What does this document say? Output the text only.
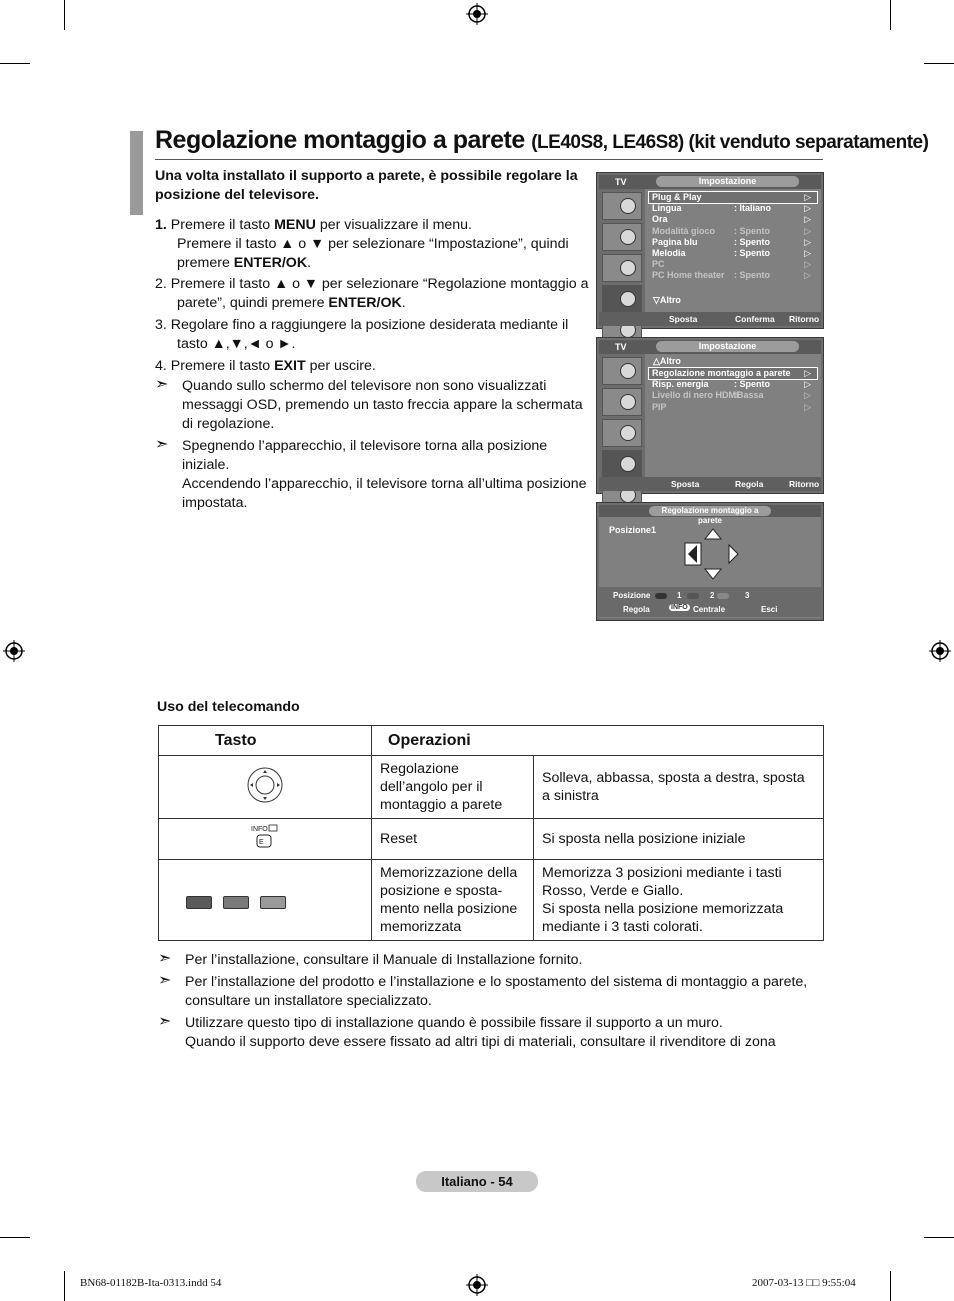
Regolazione montaggio a parete (LE40S8, LE46S8) (kit venduto separatamente)
Una volta installato il supporto a parete, è possibile regolare la posizione del televisore.
1. Premere il tasto MENU per visualizzare il menu.
Premere il tasto ▲ o ▼ per selezionare “Impostazione”, quindi premere ENTER/OK.
2. Premere il tasto ▲ o ▼ per selezionare “Regolazione montaggio a parete”, quindi premere ENTER/OK.
3. Regolare fino a raggiungere la posizione desiderata mediante il tasto ▲,▼,◄ o ►.
4. Premere il tasto EXIT per uscire.
➣ Quando sullo schermo del televisore non sono visualizzati messaggi OSD, premendo un tasto freccia appare la schermata di regolazione.
➣ Spegnendo l’apparecchio, il televisore torna alla posizione iniziale.
Accendendo l’apparecchio, il televisore torna all’ultima posizione impostata.
TV	Impostazione
Plug & Play	▷
Lingua	: Italiano	▷
Ora	▷
Modalità gioco : Spento	▷
Pagina blu	: Spento	▷
Melodia	: Spento	▷
PC	▷
PC Home theater : Spento	▷
▽Altro
Sposta	Conferma Ritorno
TV	Impostazione
△Altro
Regolazione montaggio a parete ▷
Risp. energia	: Spento	▷
Livello di nero HDMI
:Bassa	▷
PIP	▷
Sposta	Regola	Ritorno
Regolazione montaggio a parete
Posizione1
Posizione	1	2	3
Regola	INFO Centrale	Esci
Uso del telecomando
Tasto	Operazioni	
	Regolazione dell’angolo per il montaggio a parete	Solleva, abbassa, sposta a destra, sposta a sinistra

INFO
E	Reset	Si sposta nella posizione iniziale

	Memorizzazione della posizione e sposta-mento nella posizione memorizzata	Memorizza 3 posizioni mediante i tasti Rosso, Verde e Giallo.
Si sposta nella posizione memorizzata mediante i 3 tasti colorati.
➣ Per l’installazione, consultare il Manuale di Installazione fornito.
➣ Per l’installazione del prodotto e l’installazione e lo spostamento del sistema di montaggio a parete, consultare un installatore specializzato.
➣ Utilizzare questo tipo di installazione quando è possibile fissare il supporto a un muro.
Quando il supporto deve essere fissato ad altri tipi di materiali, consultare il rivenditore di zona
Italiano - 54
BN68-01182B-Ita-0313.indd 54	2007-03-13 □□ 9:55:04
